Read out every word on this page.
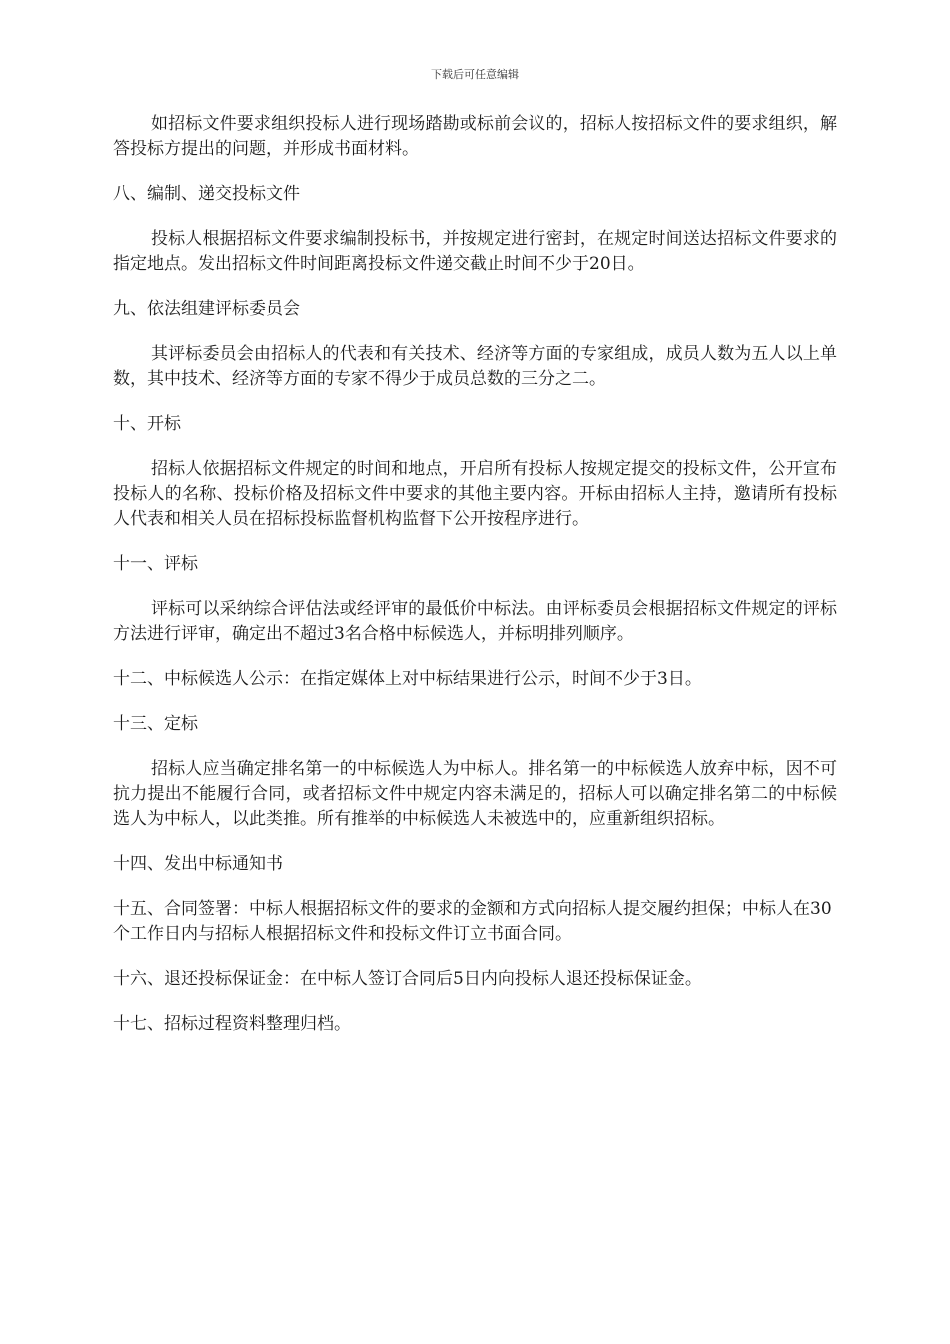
下载后可任意编辑

如招标文件要求组织投标人进行现场踏勘或标前会议的，招标人按招标文件的要求组织，解答投标方提出的问题，并形成书面材料。

八、编制、递交投标文件

投标人根据招标文件要求编制投标书，并按规定进行密封，在规定时间送达招标文件要求的指定地点。发出招标文件时间距离投标文件递交截止时间不少于20日。

九、依法组建评标委员会

其评标委员会由招标人的代表和有关技术、经济等方面的专家组成，成员人数为五人以上单数，其中技术、经济等方面的专家不得少于成员总数的三分之二。

十、开标

招标人依据招标文件规定的时间和地点，开启所有投标人按规定提交的投标文件，公开宣布投标人的名称、投标价格及招标文件中要求的其他主要内容。开标由招标人主持，邀请所有投标人代表和相关人员在招标投标监督机构监督下公开按程序进行。

十一、评标

评标可以采纳综合评估法或经评审的最低价中标法。由评标委员会根据招标文件规定的评标方法进行评审，确定出不超过3名合格中标候选人，并标明排列顺序。

十二、中标候选人公示：在指定媒体上对中标结果进行公示，时间不少于3日。

十三、定标

招标人应当确定排名第一的中标候选人为中标人。排名第一的中标候选人放弃中标，因不可抗力提出不能履行合同，或者招标文件中规定内容未满足的，招标人可以确定排名第二的中标候选人为中标人，以此类推。所有推举的中标候选人未被选中的，应重新组织招标。

十四、发出中标通知书

十五、合同签署：中标人根据招标文件的要求的金额和方式向招标人提交履约担保；中标人在30个工作日内与招标人根据招标文件和投标文件订立书面合同。

十六、退还投标保证金：在中标人签订合同后5日内向投标人退还投标保证金。

十七、招标过程资料整理归档。
